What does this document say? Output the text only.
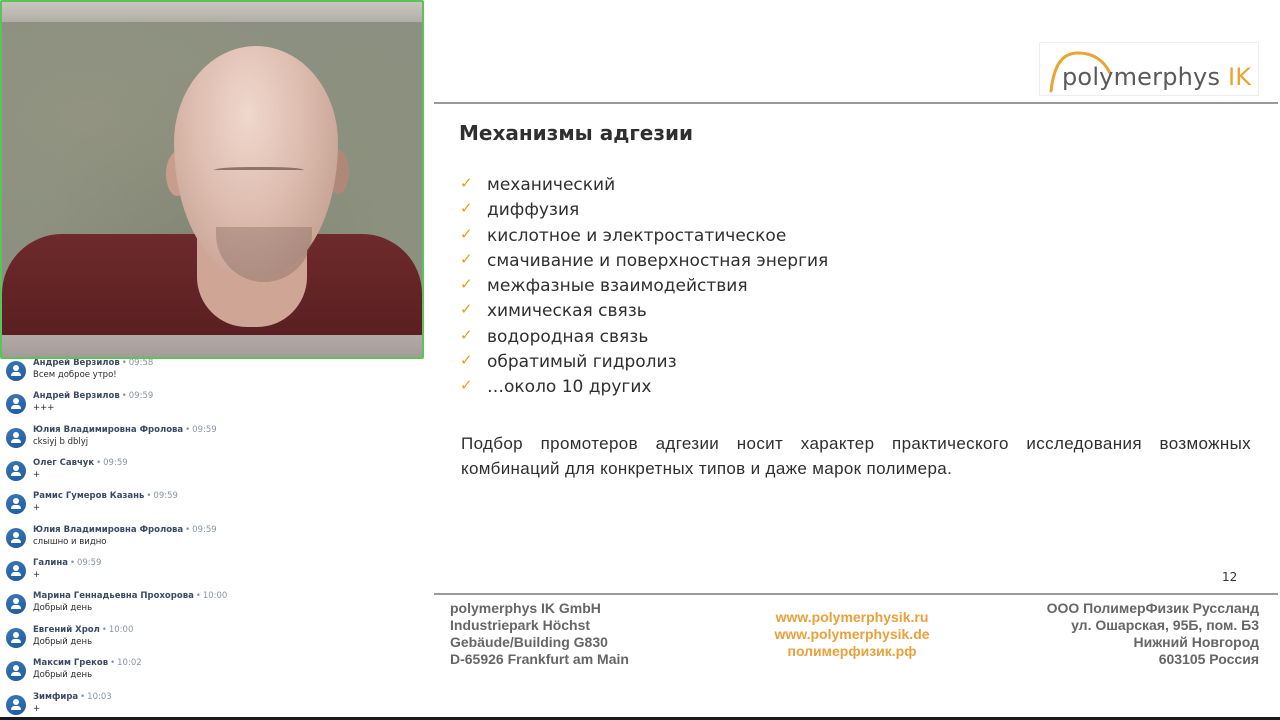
Андрей Верзилов • 09:58
Всем доброе утро!
Андрей Верзилов • 09:59
+++
Юлия Владимировна Фролова • 09:59
cksiyj b dblyj
Олег Савчук • 09:59
+
Рамис Гумеров Казань • 09:59
+
Юлия Владимировна Фролова • 09:59
слышно и видно
Галина • 09:59
+
Марина Геннадьевна Прохорова • 10:00
Добрый день
Евгений Хрол • 10:00
Добрый день
Максим Греков • 10:02
Добрый день
Зимфира • 10:03
+
polymerphys IK
Механизмы адгезии
✓ механический
✓ диффузия
✓ кислотное и электростатическое
✓ смачивание и поверхностная энергия
✓ межфазные взаимодействия
✓ химическая связь
✓ водородная связь
✓ обратимый гидролиз
✓ …около 10 других
Подбор промотеров адгезии носит характер практического исследования возможных комбинаций для конкретных типов и даже марок полимера.
12
polymerphys IK GmbH
Industriepark Höchst
Gebäude/Building G830
D-65926 Frankfurt am Main
www.polymerphysik.ru
www.polymerphysik.de
полимерфизик.рф
ООО ПолимерФизик Руссланд
ул. Ошарская, 95Б, пом. Б3
Нижний Новгород
603105 Россия
